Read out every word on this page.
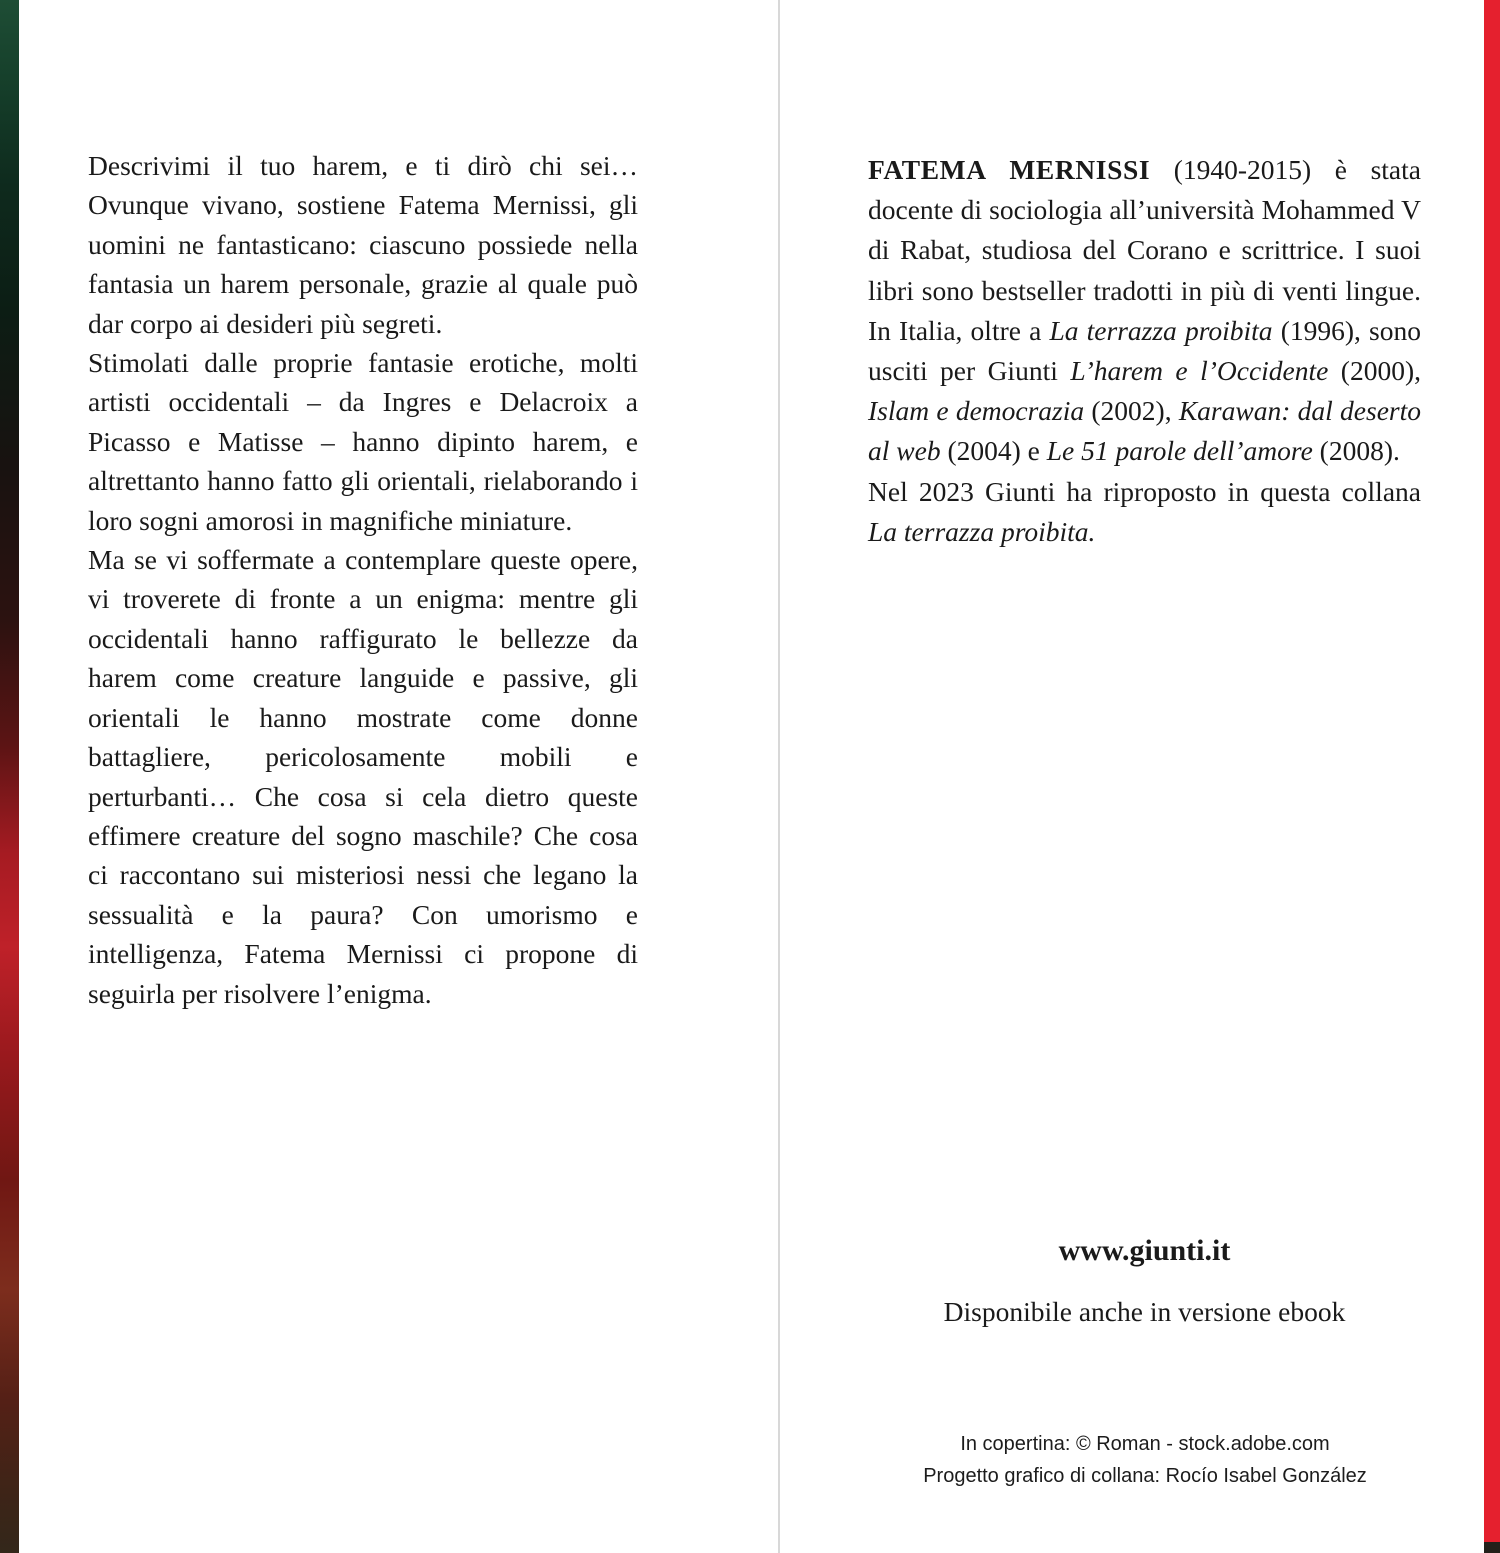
Descrivimi il tuo harem, e ti dirò chi sei… Ovunque vivano, sostiene Fatema Mernissi, gli uomini ne fantasticano: ciascuno possiede nella fantasia un harem personale, grazie al quale può dar corpo ai desideri più segreti.

Stimolati dalle proprie fantasie erotiche, molti artisti occidentali – da Ingres e Delacroix a Picasso e Matisse – hanno dipinto harem, e altrettanto hanno fatto gli orientali, rielaborando i loro sogni amorosi in magnifiche miniature.

Ma se vi soffermate a contemplare queste opere, vi troverete di fronte a un enigma: mentre gli occidentali hanno raffigurato le bellezze da harem come creature languide e passive, gli orientali le hanno mostrate come donne battagliere, pericolosamente mobili e perturbanti… Che cosa si cela dietro queste effimere creature del sogno maschile? Che cosa ci raccontano sui misteriosi nessi che legano la sessualità e la paura? Con umorismo e intelligenza, Fatema Mernissi ci propone di seguirla per risolvere l’enigma.

FATEMA MERNISSI (1940-2015) è stata docente di sociologia all’università Mohammed V di Rabat, studiosa del Corano e scrittrice. I suoi libri sono bestseller tradotti in più di venti lingue. In Italia, oltre a La terrazza proibita (1996), sono usciti per Giunti L’harem e l’Occidente (2000), Islam e democrazia (2002), Karawan: dal deserto al web (2004) e Le 51 parole dell’amore (2008).

Nel 2023 Giunti ha riproposto in questa collana La terrazza proibita.

www.giunti.it
Disponibile anche in versione ebook
In copertina: © Roman - stock.adobe.com
Progetto grafico di collana: Rocío Isabel González
